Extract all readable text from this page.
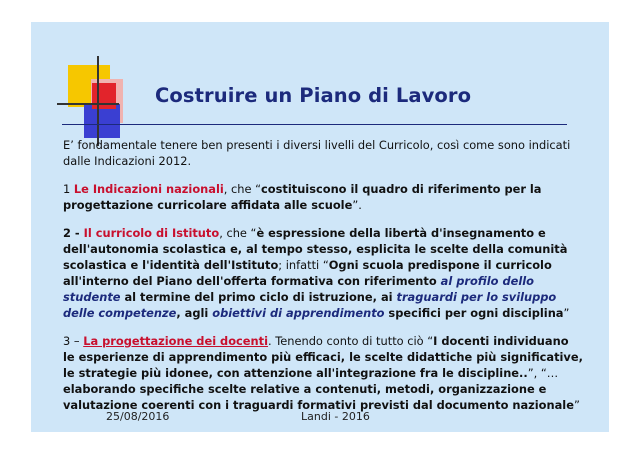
Costruire un Piano di Lavoro

E’ fondamentale tenere ben presenti i diversi livelli del Curricolo, così come sono indicati dalle Indicazioni 2012.

1 Le Indicazioni nazionali, che “costituiscono il quadro di riferimento per la progettazione curricolare affidata alle scuole”.

2 - Il curricolo di Istituto, che “è espressione della libertà d'insegnamento e dell'autonomia scolastica e, al tempo stesso, esplicita le scelte della comunità scolastica e l'identità dell'Istituto; infatti “Ogni scuola predispone il curricolo all'interno del Piano dell'offerta formativa con riferimento al profilo dello studente al termine del primo ciclo di istruzione, ai traguardi per lo sviluppo delle competenze, agli obiettivi di apprendimento specifici per ogni disciplina”

3 – La progettazione dei docenti. Tenendo conto di tutto ciò “I docenti individuano le esperienze di apprendimento più efficaci, le scelte didattiche più significative, le strategie più idonee, con attenzione all'integrazione fra le discipline..”, “…elaborando specifiche scelte relative a contenuti, metodi, organizzazione e valutazione coerenti con i traguardi formativi previsti dal documento nazionale”

25/08/2016	Landi - 2016
